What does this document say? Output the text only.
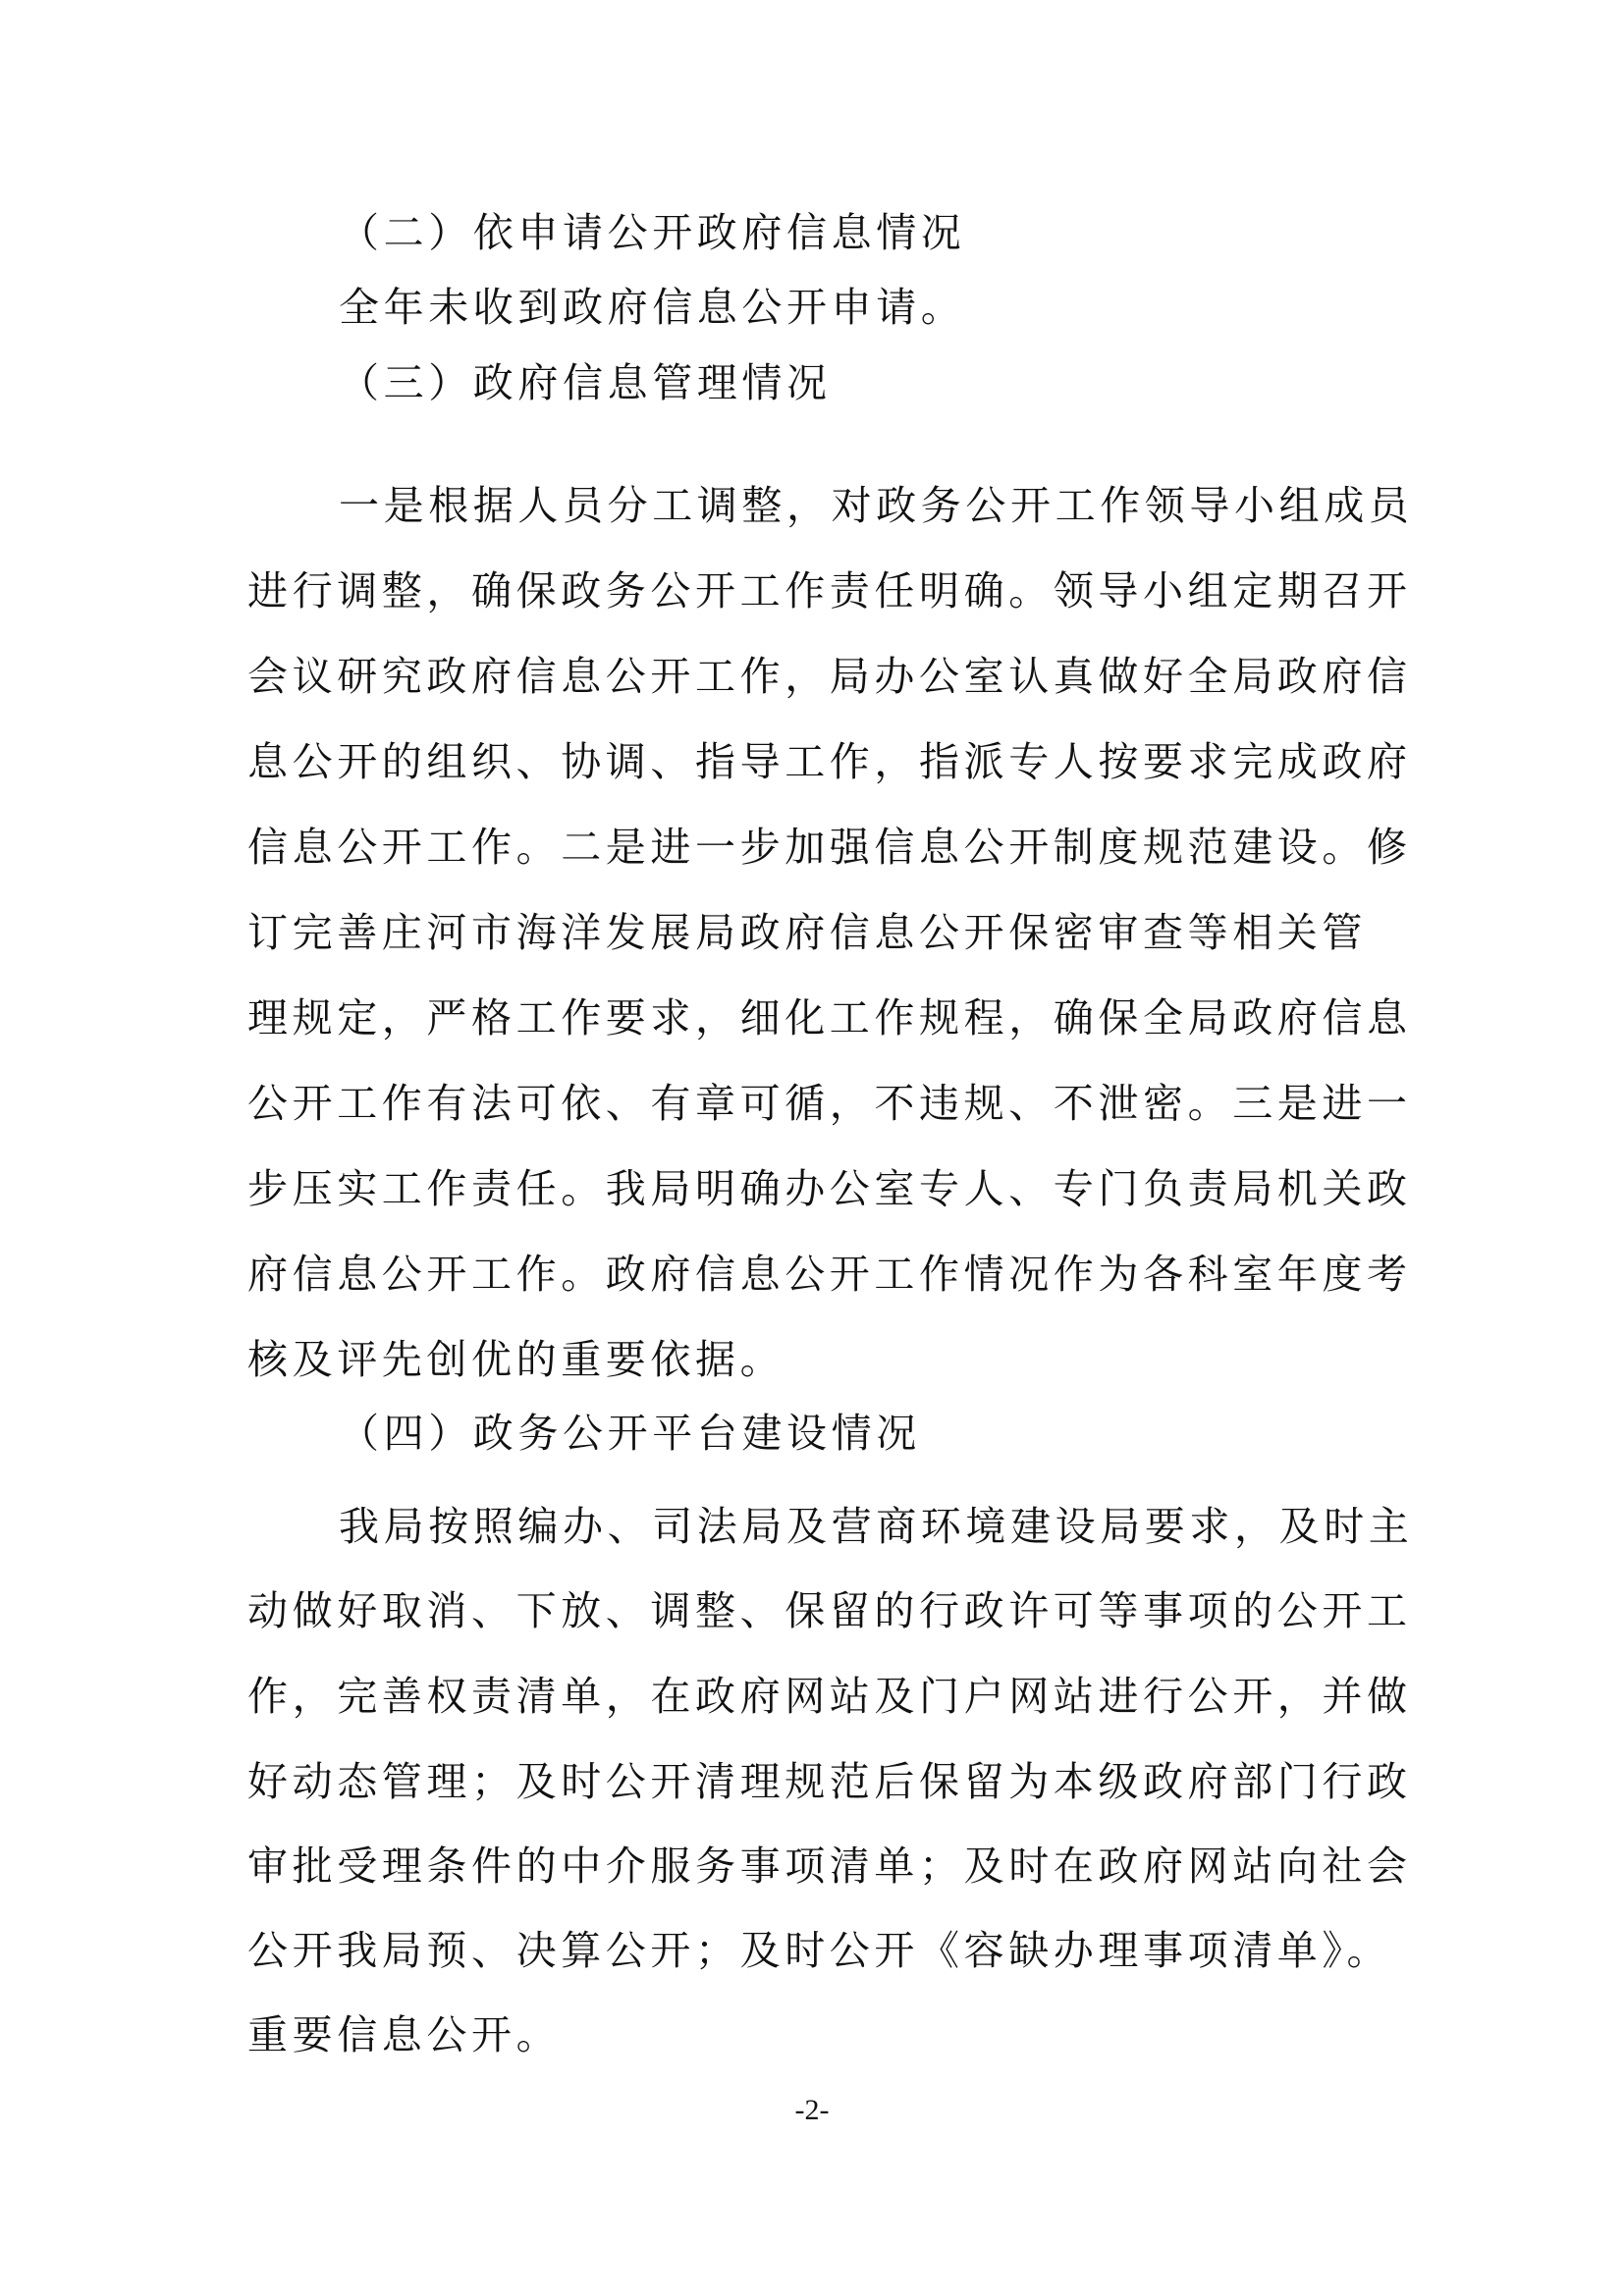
（二）依申请公开政府信息情况
全年未收到政府信息公开申请。
（三）政府信息管理情况
一是根据人员分工调整，对政务公开工作领导小组成员
进行调整，确保政务公开工作责任明确。领导小组定期召开
会议研究政府信息公开工作，局办公室认真做好全局政府信
息公开的组织、协调、指导工作，指派专人按要求完成政府
信息公开工作。二是进一步加强信息公开制度规范建设。修
订完善庄河市海洋发展局政府信息公开保密审查等相关管
理规定，严格工作要求，细化工作规程，确保全局政府信息
公开工作有法可依、有章可循，不违规、不泄密。三是进一
步压实工作责任。我局明确办公室专人、专门负责局机关政
府信息公开工作。政府信息公开工作情况作为各科室年度考
核及评先创优的重要依据。
（四）政务公开平台建设情况
我局按照编办、司法局及营商环境建设局要求，及时主
动做好取消、下放、调整、保留的行政许可等事项的公开工
作，完善权责清单，在政府网站及门户网站进行公开，并做
好动态管理；及时公开清理规范后保留为本级政府部门行政
审批受理条件的中介服务事项清单；及时在政府网站向社会
公开我局预、决算公开；及时公开《容缺办理事项清单》。
重要信息公开。
-2-
